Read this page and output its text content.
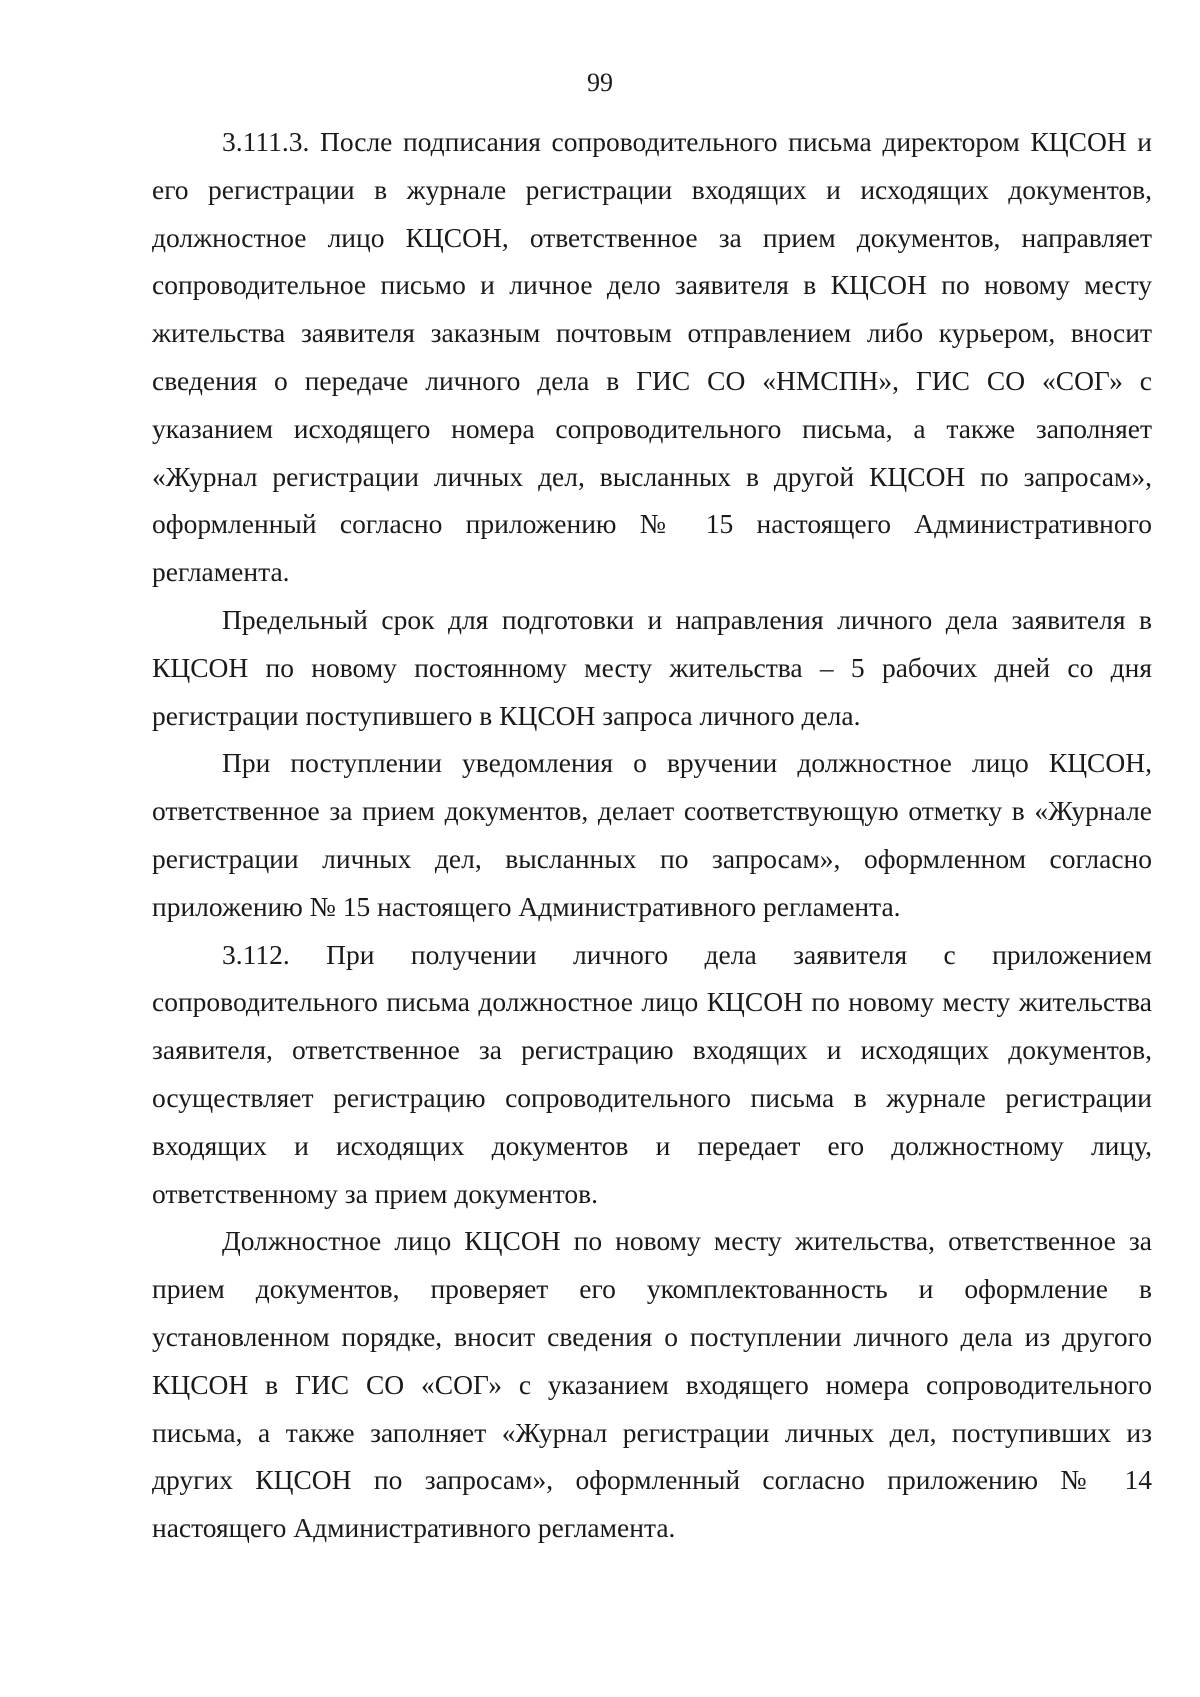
99

3.111.3. После подписания сопроводительного письма директором КЦСОН и его регистрации в журнале регистрации входящих и исходящих документов, должностное лицо КЦСОН, ответственное за прием документов, направляет сопроводительное письмо и личное дело заявителя в КЦСОН по новому месту жительства заявителя заказным почтовым отправлением либо курьером, вносит сведения о передаче личного дела в ГИС СО «НМСПН», ГИС СО «СОГ» с указанием исходящего номера сопроводительного письма, а также заполняет «Журнал регистрации личных дел, высланных в другой КЦСОН по запросам», оформленный согласно приложению № 15 настоящего Административного регламента.

Предельный срок для подготовки и направления личного дела заявителя в КЦСОН по новому постоянному месту жительства – 5 рабочих дней со дня регистрации поступившего в КЦСОН запроса личного дела.

При поступлении уведомления о вручении должностное лицо КЦСОН, ответственное за прием документов, делает соответствующую отметку в «Журнале регистрации личных дел, высланных по запросам», оформленном согласно приложению № 15 настоящего Административного регламента.

3.112. При получении личного дела заявителя с приложением сопроводительного письма должностное лицо КЦСОН по новому месту жительства заявителя, ответственное за регистрацию входящих и исходящих документов, осуществляет регистрацию сопроводительного письма в журнале регистрации входящих и исходящих документов и передает его должностному лицу, ответственному за прием документов.

Должностное лицо КЦСОН по новому месту жительства, ответственное за прием документов, проверяет его укомплектованность и оформление в установленном порядке, вносит сведения о поступлении личного дела из другого КЦСОН в ГИС СО «СОГ» с указанием входящего номера сопроводительного письма, а также заполняет «Журнал регистрации личных дел, поступивших из других КЦСОН по запросам», оформленный согласно приложению № 14 настоящего Административного регламента.
